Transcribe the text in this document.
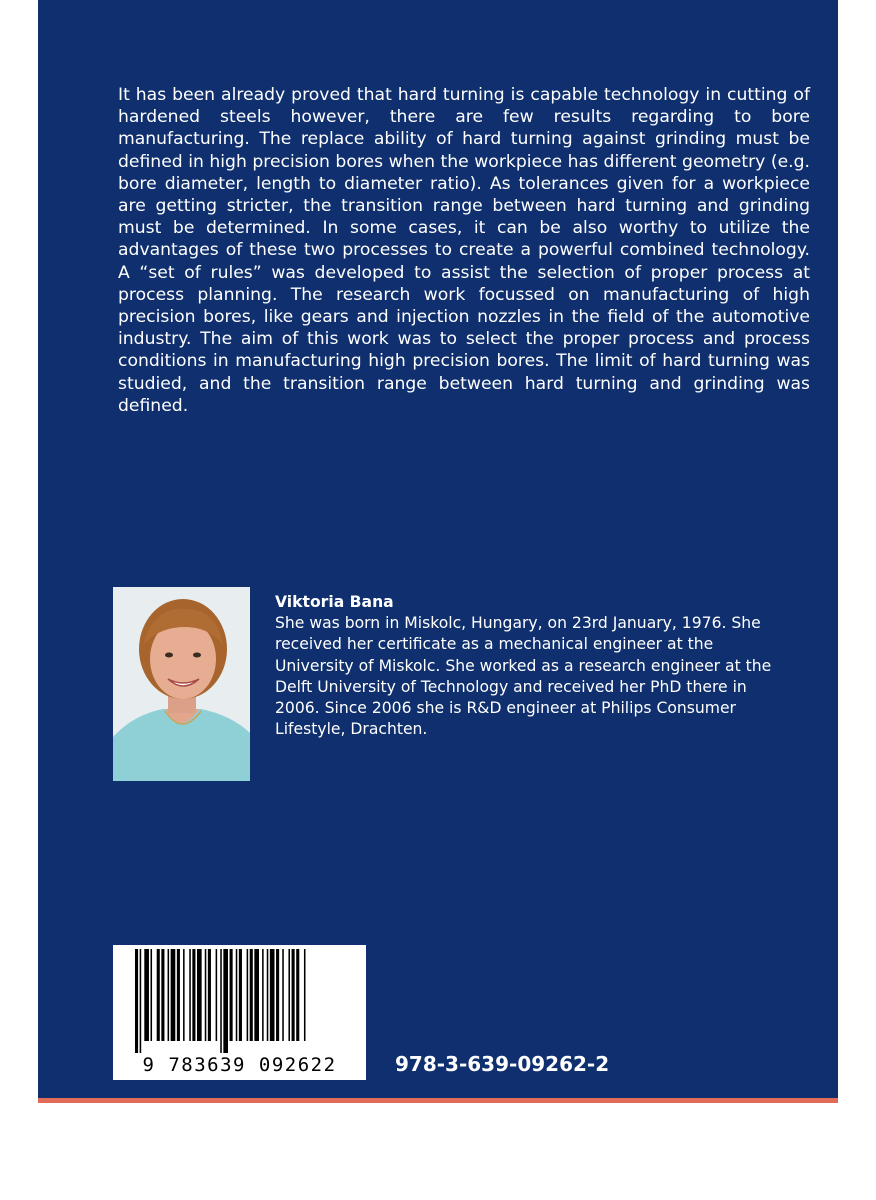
It has been already proved that hard turning is capable technology in cutting of hardened steels however, there are few results regarding to bore manufacturing. The replace ability of hard turning against grinding must be defined in high precision bores when the workpiece has different geometry (e.g. bore diameter, length to diameter ratio). As tolerances given for a workpiece are getting stricter, the transition range between hard turning and grinding must be determined. In some cases, it can be also worthy to utilize the advantages of these two processes to create a powerful combined technology. A “set of rules” was developed to assist the selection of proper process at process planning. The research work focussed on manufacturing of high precision bores, like gears and injection nozzles in the field of the automotive industry. The aim of this work was to select the proper process and process conditions in manufacturing high precision bores. The limit of hard turning was studied, and the transition range between hard turning and grinding was defined.

Viktoria Bana
She was born in Miskolc, Hungary, on 23rd January, 1976. She received her certificate as a mechanical engineer at the University of Miskolc. She worked as a research engineer at the Delft University of Technology and received her PhD there in 2006. Since 2006 she is R&D engineer at Philips Consumer Lifestyle, Drachten.
9 783639 092622	978-3-639-09262-2
